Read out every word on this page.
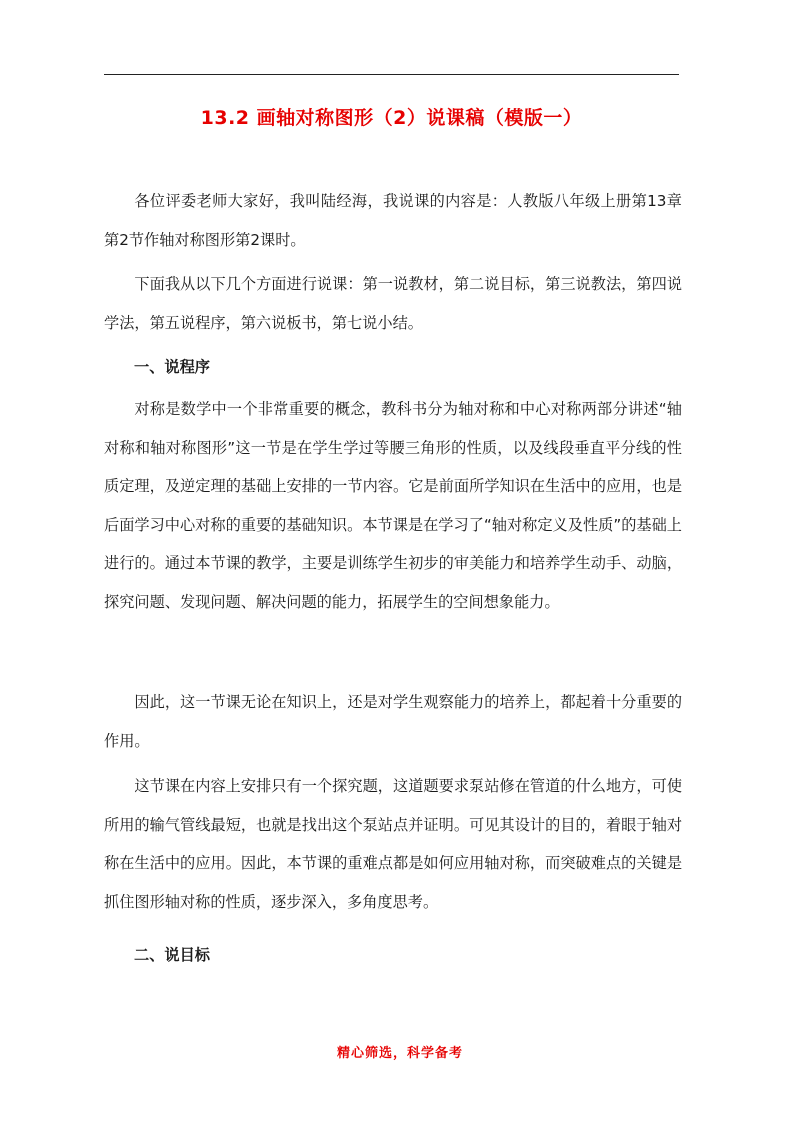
13.2 画轴对称图形（2）说课稿（模版一）

各位评委老师大家好，我叫陆经海，我说课的内容是：人教版八年级上册第13章第2节作轴对称图形第2课时。

下面我从以下几个方面进行说课：第一说教材，第二说目标，第三说教法，第四说学法，第五说程序，第六说板书，第七说小结。

一、说程序

对称是数学中一个非常重要的概念，教科书分为轴对称和中心对称两部分讲述“轴对称和轴对称图形”这一节是在学生学过等腰三角形的性质，以及线段垂直平分线的性质定理，及逆定理的基础上安排的一节内容。它是前面所学知识在生活中的应用，也是后面学习中心对称的重要的基础知识。本节课是在学习了“轴对称定义及性质”的基础上进行的。通过本节课的教学，主要是训练学生初步的审美能力和培养学生动手、动脑，探究问题、发现问题、解决问题的能力，拓展学生的空间想象能力。

因此，这一节课无论在知识上，还是对学生观察能力的培养上，都起着十分重要的作用。

这节课在内容上安排只有一个探究题，这道题要求泵站修在管道的什么地方，可使所用的输气管线最短，也就是找出这个泵站点并证明。可见其设计的目的，着眼于轴对称在生活中的应用。因此，本节课的重难点都是如何应用轴对称，而突破难点的关键是抓住图形轴对称的性质，逐步深入，多角度思考。

二、说目标
精心筛选，科学备考
